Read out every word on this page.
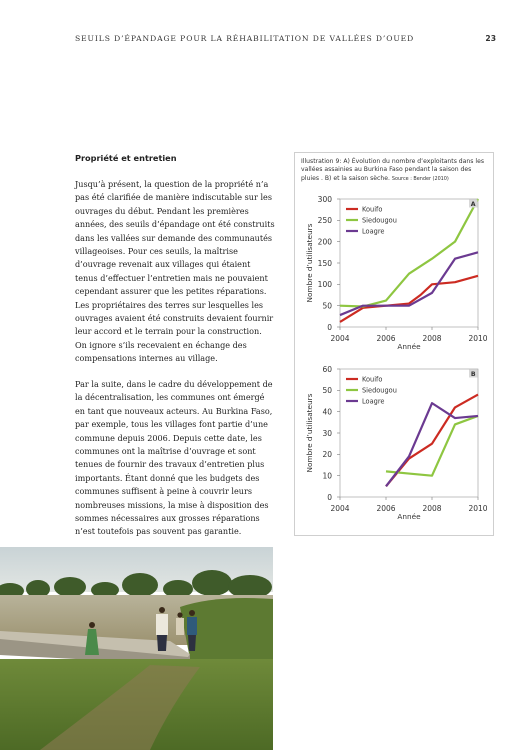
SEUILS D’ÉPANDAGE POUR LA RÉHABILITATION DE VALLÉES D’OUED	23
Propriété et entretien

Jusqu’à présent, la question de la propriété n’a pas été clarifiée de manière indiscutable sur les ouvrages du début. Pendant les premières années, des seuils d’épandage ont été construits dans les vallées sur demande des communautés villageoises. Pour ces seuils, la maîtrise d’ouvrage revenait aux villages qui étaient tenus d’effectuer l’entretien mais ne pouvaient cependant assurer que les petites réparations. Les propriétaires des terres sur lesquelles les ouvrages avaient été construits devaient fournir leur accord et le terrain pour la construction. On ignore s’ils recevaient en échange des compensations internes au village.

Par la suite, dans le cadre du développement de la décentralisation, les communes ont émergé en tant que nouveaux acteurs. Au Burkina Faso, par exemple, tous les villages font partie d’une commune depuis 2006. Depuis cette date, les communes ont la maîtrise d’ouvrage et sont tenues de fournir des travaux d’entretien plus importants. Étant donné que les budgets des communes suffisent à peine à couvrir leurs nombreuses missions, la mise à disposition des sommes nécessaires aux grosses réparations n’est toutefois pas souvent pas garantie.

Illustration 9: A) Évolution du nombre d’exploitants dans les vallées assainies au Burkina Faso pendant la saison des pluies . B) et la saison sèche. Source : Bender (2010)
0
50
100
150
200
250
300
2004	2006	2008	2010
Nombre d’utilisateurs
Année
Kouifo
Siedougou
Loagre
A
0
10
20
30
40
50
60
2004	2006	2008	2010
Nombre d’utilisateurs
Année
Kouifo
Siedougou
Loagre
B
